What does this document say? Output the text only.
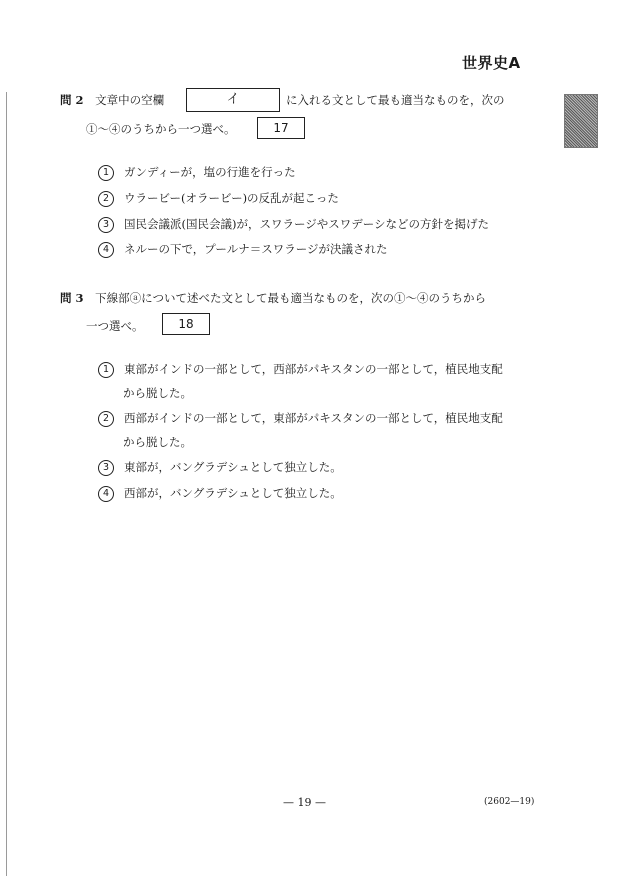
世界史A
問 2 文章中の空欄	イ	に入れる文として最も適当なものを，次の
①～④のうちから一つ選べ。	17
1 ガンディーが，塩の行進を行った
2 ウラービー(オラービー)の反乱が起こった
3 国民会議派(国民会議)が，スワラージやスワデーシなどの方針を掲げた
4 ネルーの下で，プールナ＝スワラージが決議された
問 3 下線部ⓐについて述べた文として最も適当なものを，次の①～④のうちから
一つ選べ。	18
1 東部がインドの一部として，西部がパキスタンの一部として，植民地支配
から脱した。
2 西部がインドの一部として，東部がパキスタンの一部として，植民地支配
から脱した。
3 東部が，バングラデシュとして独立した。
4 西部が，バングラデシュとして独立した。
— 19 —	(2602—19)
